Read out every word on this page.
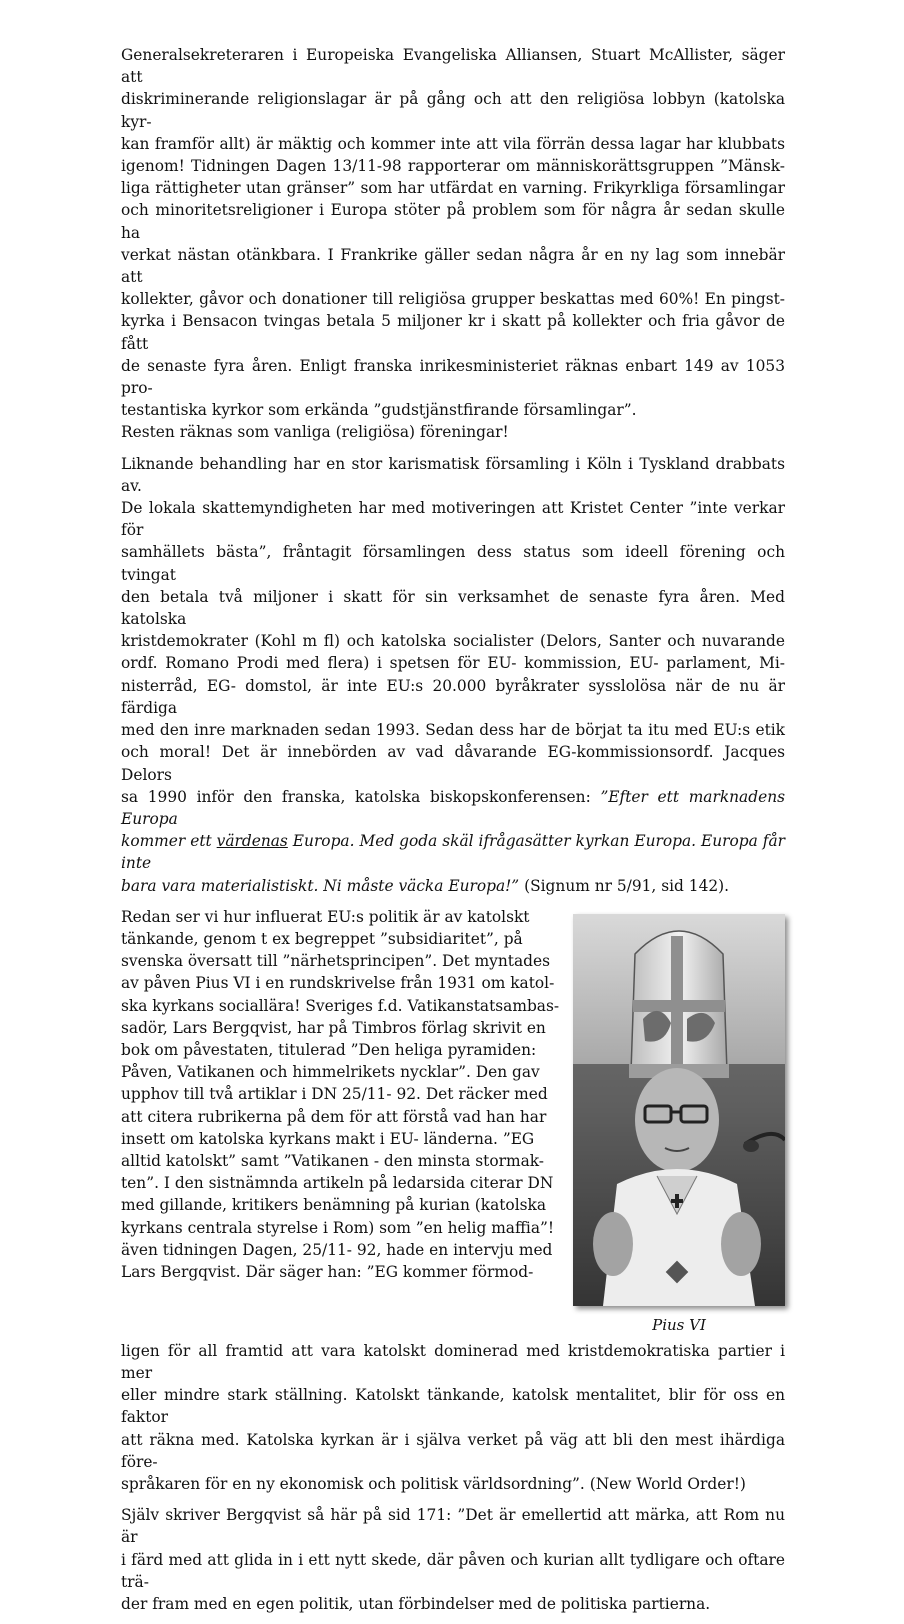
Generalsekreteraren i Europeiska Evangeliska Alliansen, Stuart McAllister, säger att
diskriminerande religionslagar är på gång och att den religiösa lobbyn (katolska kyr-
kan framför allt) är mäktig och kommer inte att vila förrän dessa lagar har klubbats
igenom! Tidningen Dagen 13/11-98 rapporterar om människorättsgruppen ”Mänsk-
liga rättigheter utan gränser” som har utfärdat en varning. Frikyrkliga församlingar
och minoritetsreligioner i Europa stöter på problem som för några år sedan skulle ha
verkat nästan otänkbara. I Frankrike gäller sedan några år en ny lag som innebär att
kollekter, gåvor och donationer till religiösa grupper beskattas med 60%! En pingst-
kyrka i Bensacon tvingas betala 5 miljoner kr i skatt på kollekter och fria gåvor de fått
de senaste fyra åren. Enligt franska inrikesministeriet räknas enbart 149 av 1053 pro-
testantiska kyrkor som erkända ”gudstjänstfirande församlingar”.
Resten räknas som vanliga (religiösa) föreningar!
Liknande behandling har en stor karismatisk församling i Köln i Tyskland drabbats av.
De lokala skattemyndigheten har med motiveringen att Kristet Center ”inte verkar för
samhällets bästa”, fråntagit församlingen dess status som ideell förening och tvingat
den betala två miljoner i skatt för sin verksamhet de senaste fyra åren. Med katolska
kristdemokrater (Kohl m fl) och katolska socialister (Delors, Santer och nuvarande
ordf. Romano Prodi med flera) i spetsen för EU- kommission, EU- parlament, Mi-
nisterråd, EG- domstol, är inte EU:s 20.000 byråkrater sysslolösa när de nu är färdiga
med den inre marknaden sedan 1993. Sedan dess har de börjat ta itu med EU:s etik
och moral! Det är innebörden av vad dåvarande EG-kommissionsordf. Jacques Delors
sa 1990 inför den franska, katolska biskopskonferensen: ”Efter ett marknadens Europa
kommer ett värdenas Europa. Med goda skäl ifrågasätter kyrkan Europa. Europa får inte
bara vara materialistiskt. Ni måste väcka Europa!” (Signum nr 5/91, sid 142).
Pius VI
Redan ser vi hur influerat EU:s politik är av katolskt
tänkande, genom t ex begreppet ”subsidiaritet”, på
svenska översatt till ”närhetsprincipen”. Det myntades
av påven Pius VI i en rundskrivelse från 1931 om katol-
ska kyrkans sociallära! Sveriges f.d. Vatikanstatsambas-
sadör, Lars Bergqvist, har på Timbros förlag skrivit en
bok om påvestaten, titulerad ”Den heliga pyramiden:
Påven, Vatikanen och himmelrikets nycklar”. Den gav
upphov till två artiklar i DN 25/11- 92. Det räcker med
att citera rubrikerna på dem för att förstå vad han har
insett om katolska kyrkans makt i EU- länderna. ”EG
alltid katolskt” samt ”Vatikanen - den minsta stormak-
ten”. I den sistnämnda artikeln på ledarsida citerar DN
med gillande, kritikers benämning på kurian (katolska
kyrkans centrala styrelse i Rom) som ”en helig maffia”!
även tidningen Dagen, 25/11- 92, hade en intervju med
Lars Bergqvist. Där säger han: ”EG kommer förmod-
ligen för all framtid att vara katolskt dominerad med kristdemokratiska partier i mer
eller mindre stark ställning. Katolskt tänkande, katolsk mentalitet, blir för oss en faktor
att räkna med. Katolska kyrkan är i själva verket på väg att bli den mest ihärdiga före-
språkaren för en ny ekonomisk och politisk världsordning”. (New World Order!)
Själv skriver Bergqvist så här på sid 171: ”Det är emellertid att märka, att Rom nu är
i färd med att glida in i ett nytt skede, där påven och kurian allt tydligare och oftare trä-
der fram med en egen politik, utan förbindelser med de politiska partierna.
